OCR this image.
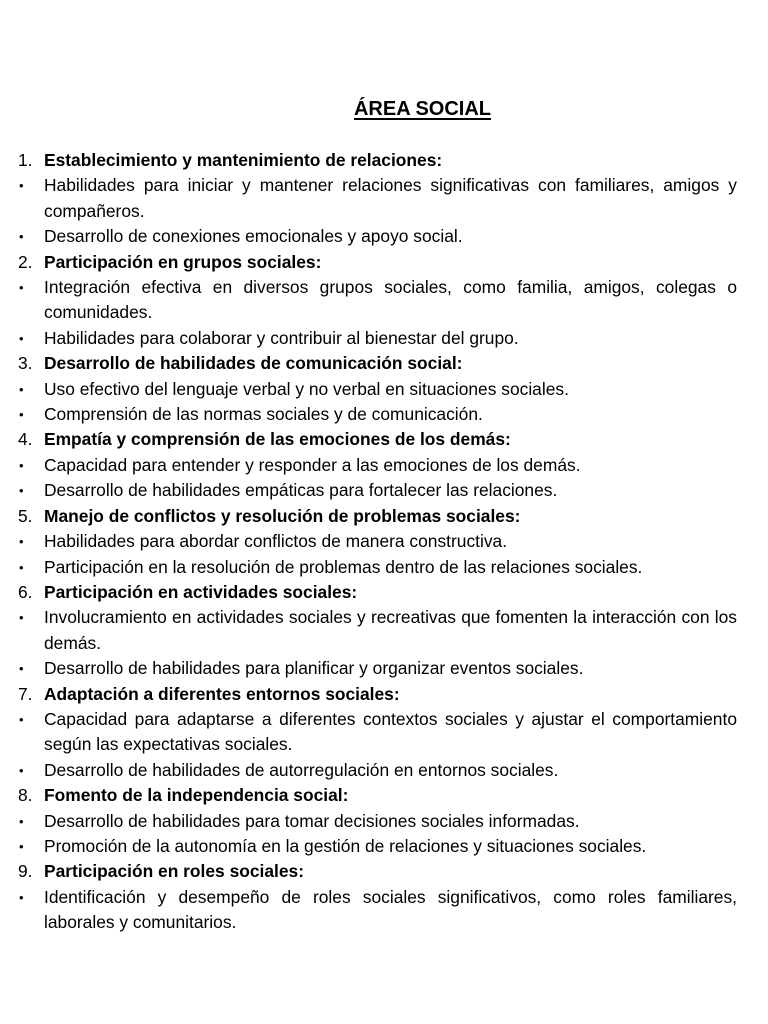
ÁREA SOCIAL
1. Establecimiento y mantenimiento de relaciones:
•	Habilidades para iniciar y mantener relaciones significativas con familiares, amigos y compañeros.
•	Desarrollo de conexiones emocionales y apoyo social.
2. Participación en grupos sociales:
•	Integración efectiva en diversos grupos sociales, como familia, amigos, colegas o comunidades.
•	Habilidades para colaborar y contribuir al bienestar del grupo.
3. Desarrollo de habilidades de comunicación social:
•	Uso efectivo del lenguaje verbal y no verbal en situaciones sociales.
•	Comprensión de las normas sociales y de comunicación.
4. Empatía y comprensión de las emociones de los demás:
•	Capacidad para entender y responder a las emociones de los demás.
•	Desarrollo de habilidades empáticas para fortalecer las relaciones.
5. Manejo de conflictos y resolución de problemas sociales:
•	Habilidades para abordar conflictos de manera constructiva.
•	Participación en la resolución de problemas dentro de las relaciones sociales.
6. Participación en actividades sociales:
•	Involucramiento en actividades sociales y recreativas que fomenten la interacción con los demás.
•	Desarrollo de habilidades para planificar y organizar eventos sociales.
7. Adaptación a diferentes entornos sociales:
•	Capacidad para adaptarse a diferentes contextos sociales y ajustar el comportamiento según las expectativas sociales.
•	Desarrollo de habilidades de autorregulación en entornos sociales.
8. Fomento de la independencia social:
•	Desarrollo de habilidades para tomar decisiones sociales informadas.
•	Promoción de la autonomía en la gestión de relaciones y situaciones sociales.
9. Participación en roles sociales:
•	Identificación y desempeño de roles sociales significativos, como roles familiares, laborales y comunitarios.
